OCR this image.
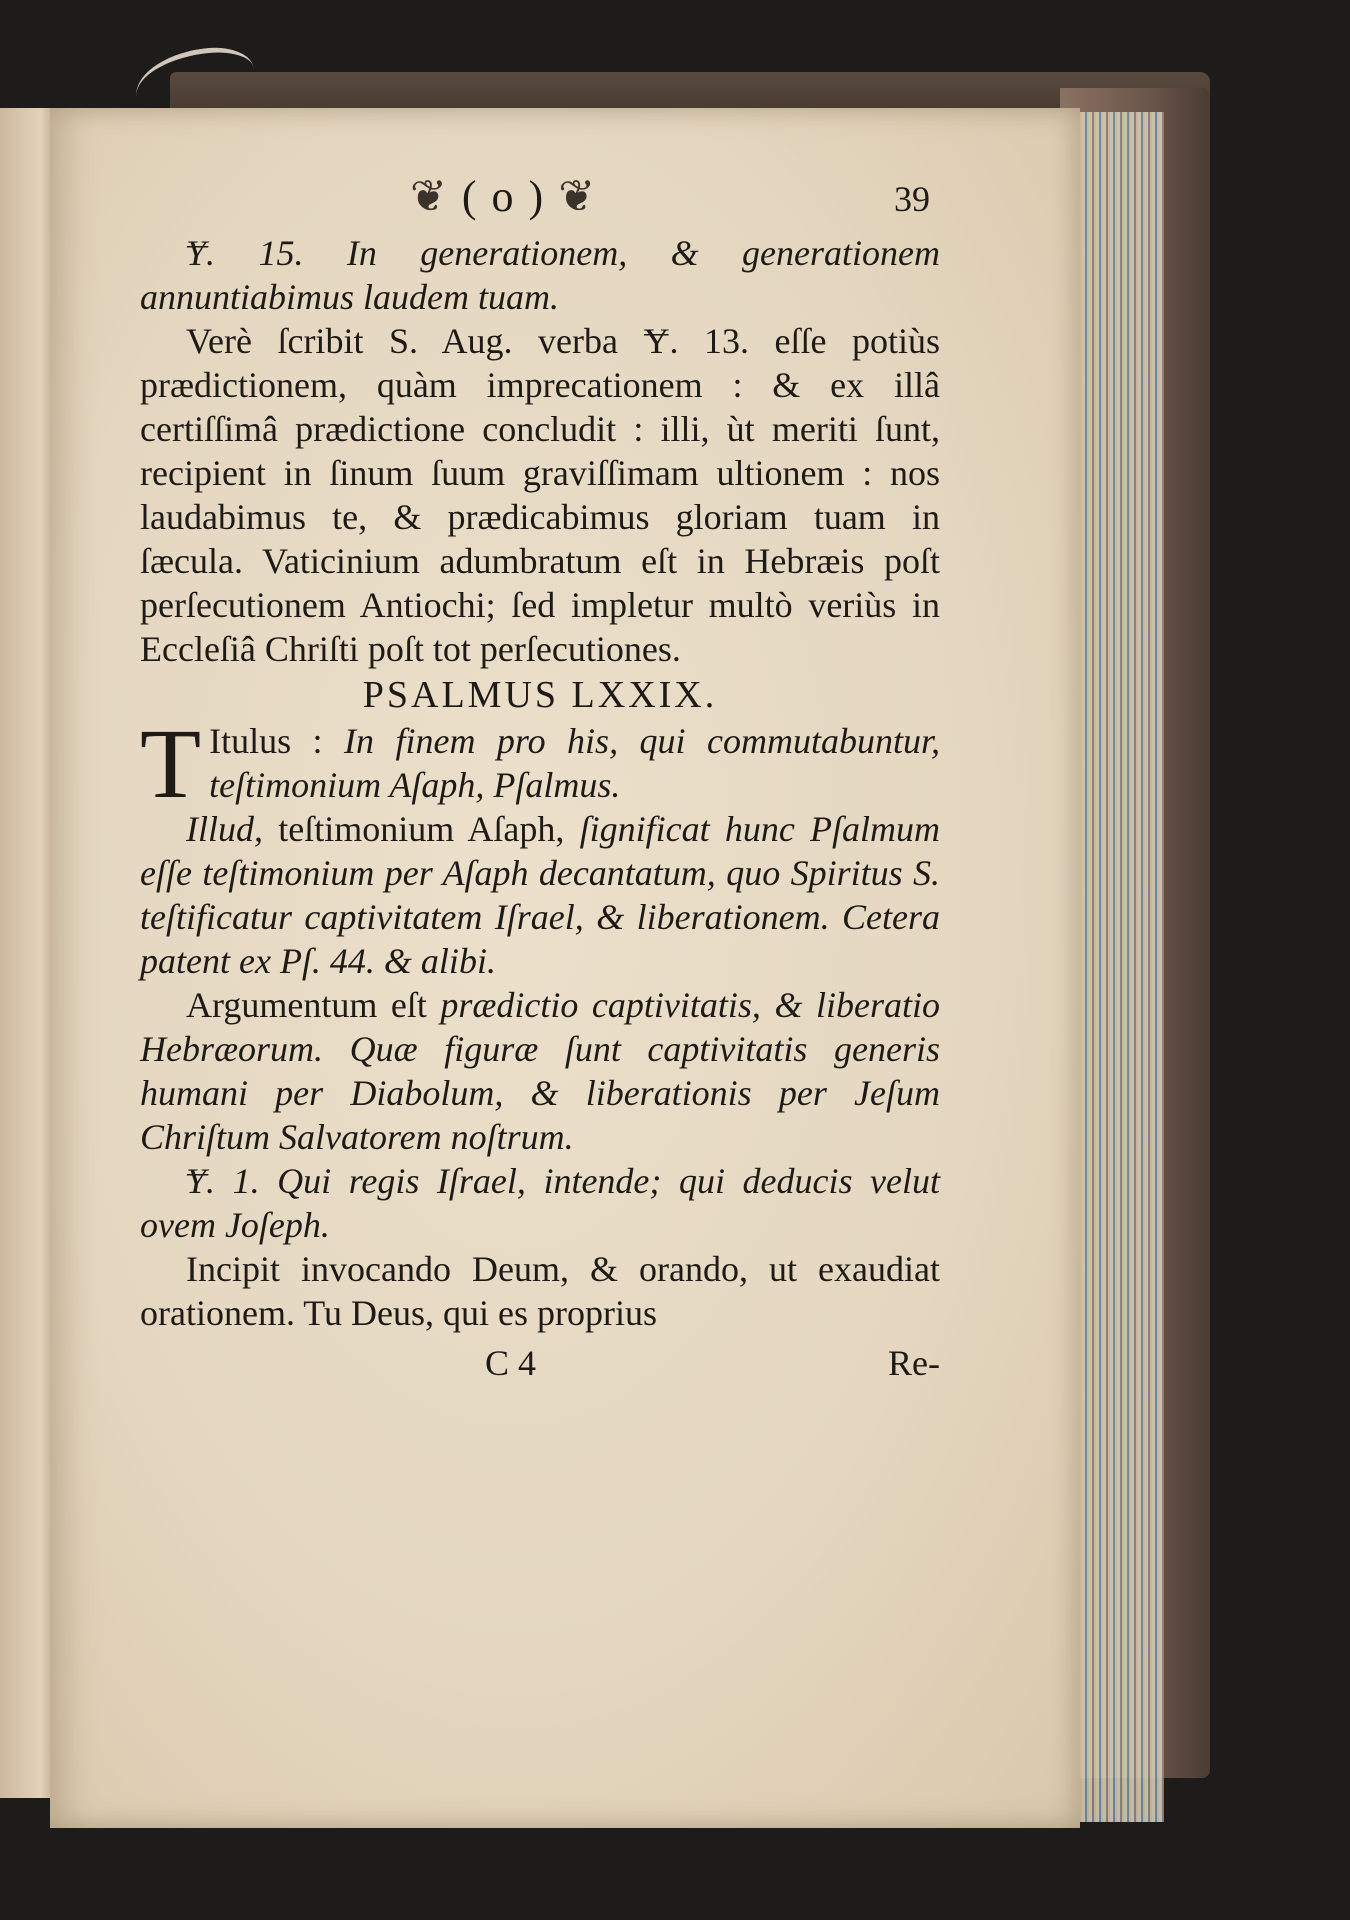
❦ ( o ) ❦	39

Ɏ. 15. In generationem, & generationem annuntiabimus laudem tuam.

Verè ſcribit S. Aug. verba Ɏ. 13. eſſe potiùs prædictionem, quàm imprecationem : & ex illâ certiſſimâ prædictione concludit : illi, ùt meriti ſunt, recipient in ſinum ſuum graviſſimam ultionem : nos laudabimus te, & prædicabimus gloriam tuam in ſæcula. Vaticinium adumbratum eſt in Hebræis poſt perſecutionem Antiochi; ſed impletur multò veriùs in Eccleſiâ Chriſti poſt tot perſecutiones.

PSALMUS LXXIX.

T Itulus : In finem pro his, qui commutabuntur, teſtimonium Aſaph, Pſalmus.

Illud, teſtimonium Aſaph, ſignificat hunc Pſalmum eſſe teſtimonium per Aſaph decantatum, quo Spiritus S. teſtificatur captivitatem Iſrael, & liberationem. Cetera patent ex Pſ. 44. & alibi.

Argumentum eſt prædictio captivitatis, & liberatio Hebræorum. Quæ figuræ ſunt captivitatis generis humani per Diabolum, & liberationis per Jeſum Chriſtum Salvatorem noſtrum.

Ɏ. 1. Qui regis Iſrael, intende; qui deducis velut ovem Joſeph.

Incipit invocando Deum, & orando, ut exaudiat orationem. Tu Deus, qui es proprius

C 4	Re-
